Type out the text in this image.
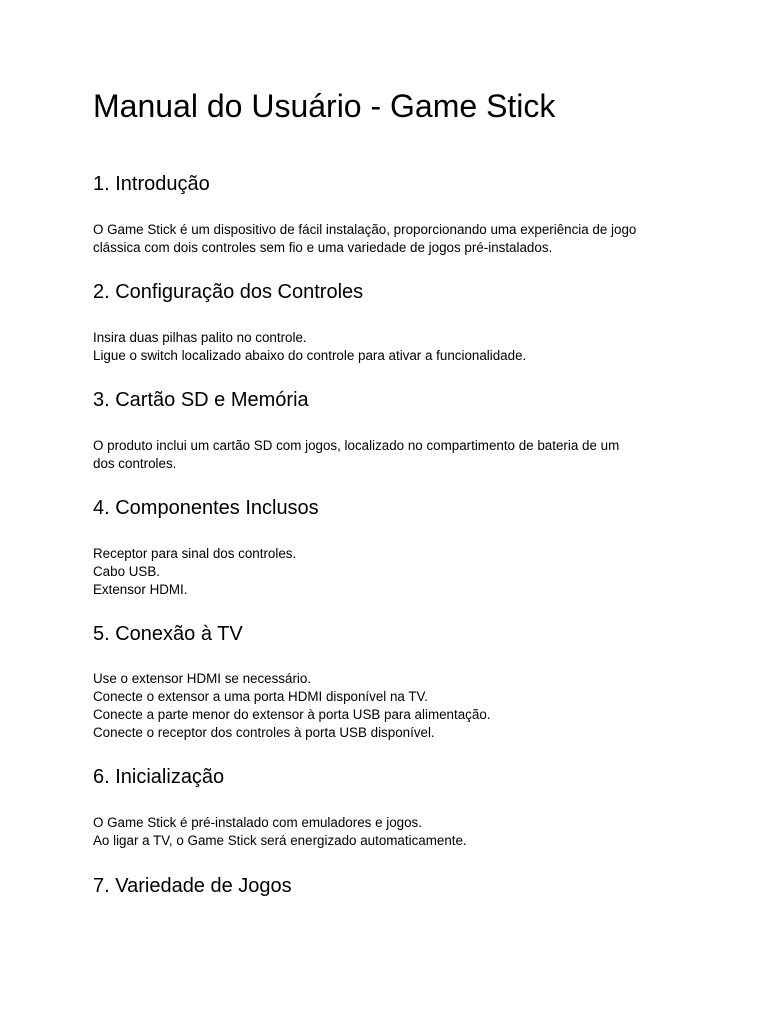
Manual do Usuário - Game Stick
1. Introdução
O Game Stick é um dispositivo de fácil instalação, proporcionando uma experiência de jogo
clássica com dois controles sem fio e uma variedade de jogos pré-instalados.
2. Configuração dos Controles
Insira duas pilhas palito no controle.
Ligue o switch localizado abaixo do controle para ativar a funcionalidade.
3. Cartão SD e Memória
O produto inclui um cartão SD com jogos, localizado no compartimento de bateria de um
dos controles.
4. Componentes Inclusos
Receptor para sinal dos controles.
Cabo USB.
Extensor HDMI.
5. Conexão à TV
Use o extensor HDMI se necessário.
Conecte o extensor a uma porta HDMI disponível na TV.
Conecte a parte menor do extensor à porta USB para alimentação.
Conecte o receptor dos controles à porta USB disponível.
6. Inicialização
O Game Stick é pré-instalado com emuladores e jogos.
Ao ligar a TV, o Game Stick será energizado automaticamente.
7. Variedade de Jogos
